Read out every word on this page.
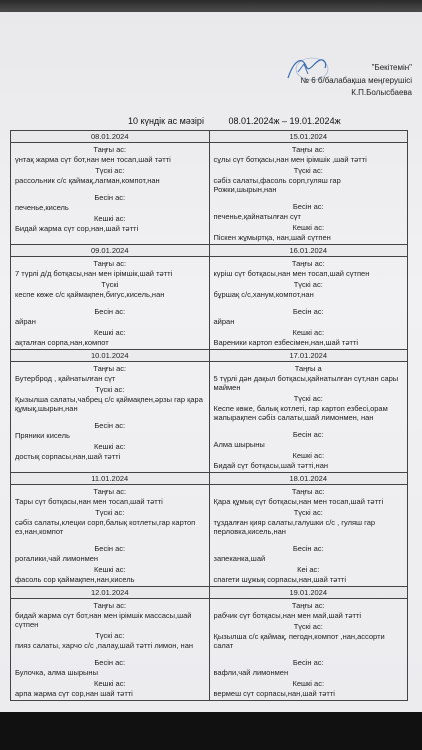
"Бекітемін"
№ 6 б/балабақша меңгерушісі
К.П.Болысбаева
10 күндік ас мәзірі	08.01.2024ж – 19.01.2024ж
08.01.2024
Таңғы ас:
үнтақ жарма сүт бот,нан мен тосап,шай тәтті
Түскі ас:
рассольник с/с қаймақ,лагман,компот,нан
Бесін ас:
печенье,кисель
Кешкі ас:
Бидай жарма сүт сор,нан,шай тәтті
15.01.2024
Таңғы ас:
сұлы сүт ботқасы,нан мен ірімшік ,шай тәтті
Түскі ас:
сәбіз салаты,фасоль сорп,гуляш гар Рожки,шырын,нан
Бесін ас:
печенье,қайнатылған сүт
Кешкі ас:
Піскен жұмыртқа, нан,шай сүтпен
09.01.2024
Таңғы ас:
7 түрлі д/д ботқасы,нан мен ірімшік,шай тәтті
Түскі
кеспе көже с/с қаймақпен,бигус,кисель,нан
Бесін ас:
айран
Кешкі ас:
ақталған сорпа,нан,компот
16.01.2024
Таңғы ас:
күріш сүт ботқасы,нан мен тосап,шай сүтпен
Түскі ас:
бұршақ с/с,ханум,компот,нан
Бесін ас:
айран
Кешкі ас:
Вареники картоп езбесімен,нан,шай тәтті
10.01.2024
Таңғы ас:
Бутерброд , қайнатылған сүт
Түскі ас:
Қызылша салаты,чабрец с/с қаймақпен,əрзы гар қара құмық,шырын,нан
Бесін ас:
Пряники кисель
Кешкі ас:
достық сорпасы,нан,шай тәтті
17.01.2024
Таңғы а
5 түрлі дән дақыл ботқасы,қайнатылған сүт,нан сары маймен
Түскі ас:
Кеспе көже, балық котлеті, гар картоп езбесі,орам жапырақпен сәбіз салаты,шай лимонмен, нан
Бесін ас:
Алма шырыны
Кешкі ас:
Бидай сүт ботқасы,шай тәтті,нан
11.01.2024
Таңғы ас:
Тары сүт ботқасы,нан мен тосап,шай тәтті
Түскі ас:
сәбіз салаты,клецки сорп,балық котлеты,гар картоп ез,нан,компот
Бесін ас:
рогалики,чай лимонмен
Кешкі ас:
фасоль сор қаймақпен,нан,кисель
18.01.2024
Таңғы ас:
Қара құмық сүт ботқасы,нан мен тосап,шай тәтті
Түскі ас:
тұздалған қияр салаты,галушки с/с , гуляш гар перловка,кисель,нан
Бесін ас:
запеканка,шай
Кеі ас:
спагети шұжық сорпасы,нан,шай тәтті
12.01.2024
Таңғы ас:
бидай жарма сүт бот,нан мен ірімшік массасы,шай сүтпен
Түскі ас:
пияз салаты, харчо с/с ,палау,шай тәтті лимон, нан
Бесін ас:
Булочка, алма шырыны
Кешкі ас:
арпа жарма сүт сор,нан шай тәтті
19.01.2024
Таңғы ас:
рабчик сүт ботқасы,нан мен май,шай тәтті
Түскі ас:
Қызылша с/с қаймақ, пегодн,компот ,нан,ассорти салат
Бесін ас:
вафли,чай лимонмен
Кешкі ас:
вермеш сүт сорпасы,нан,шай тәтті
